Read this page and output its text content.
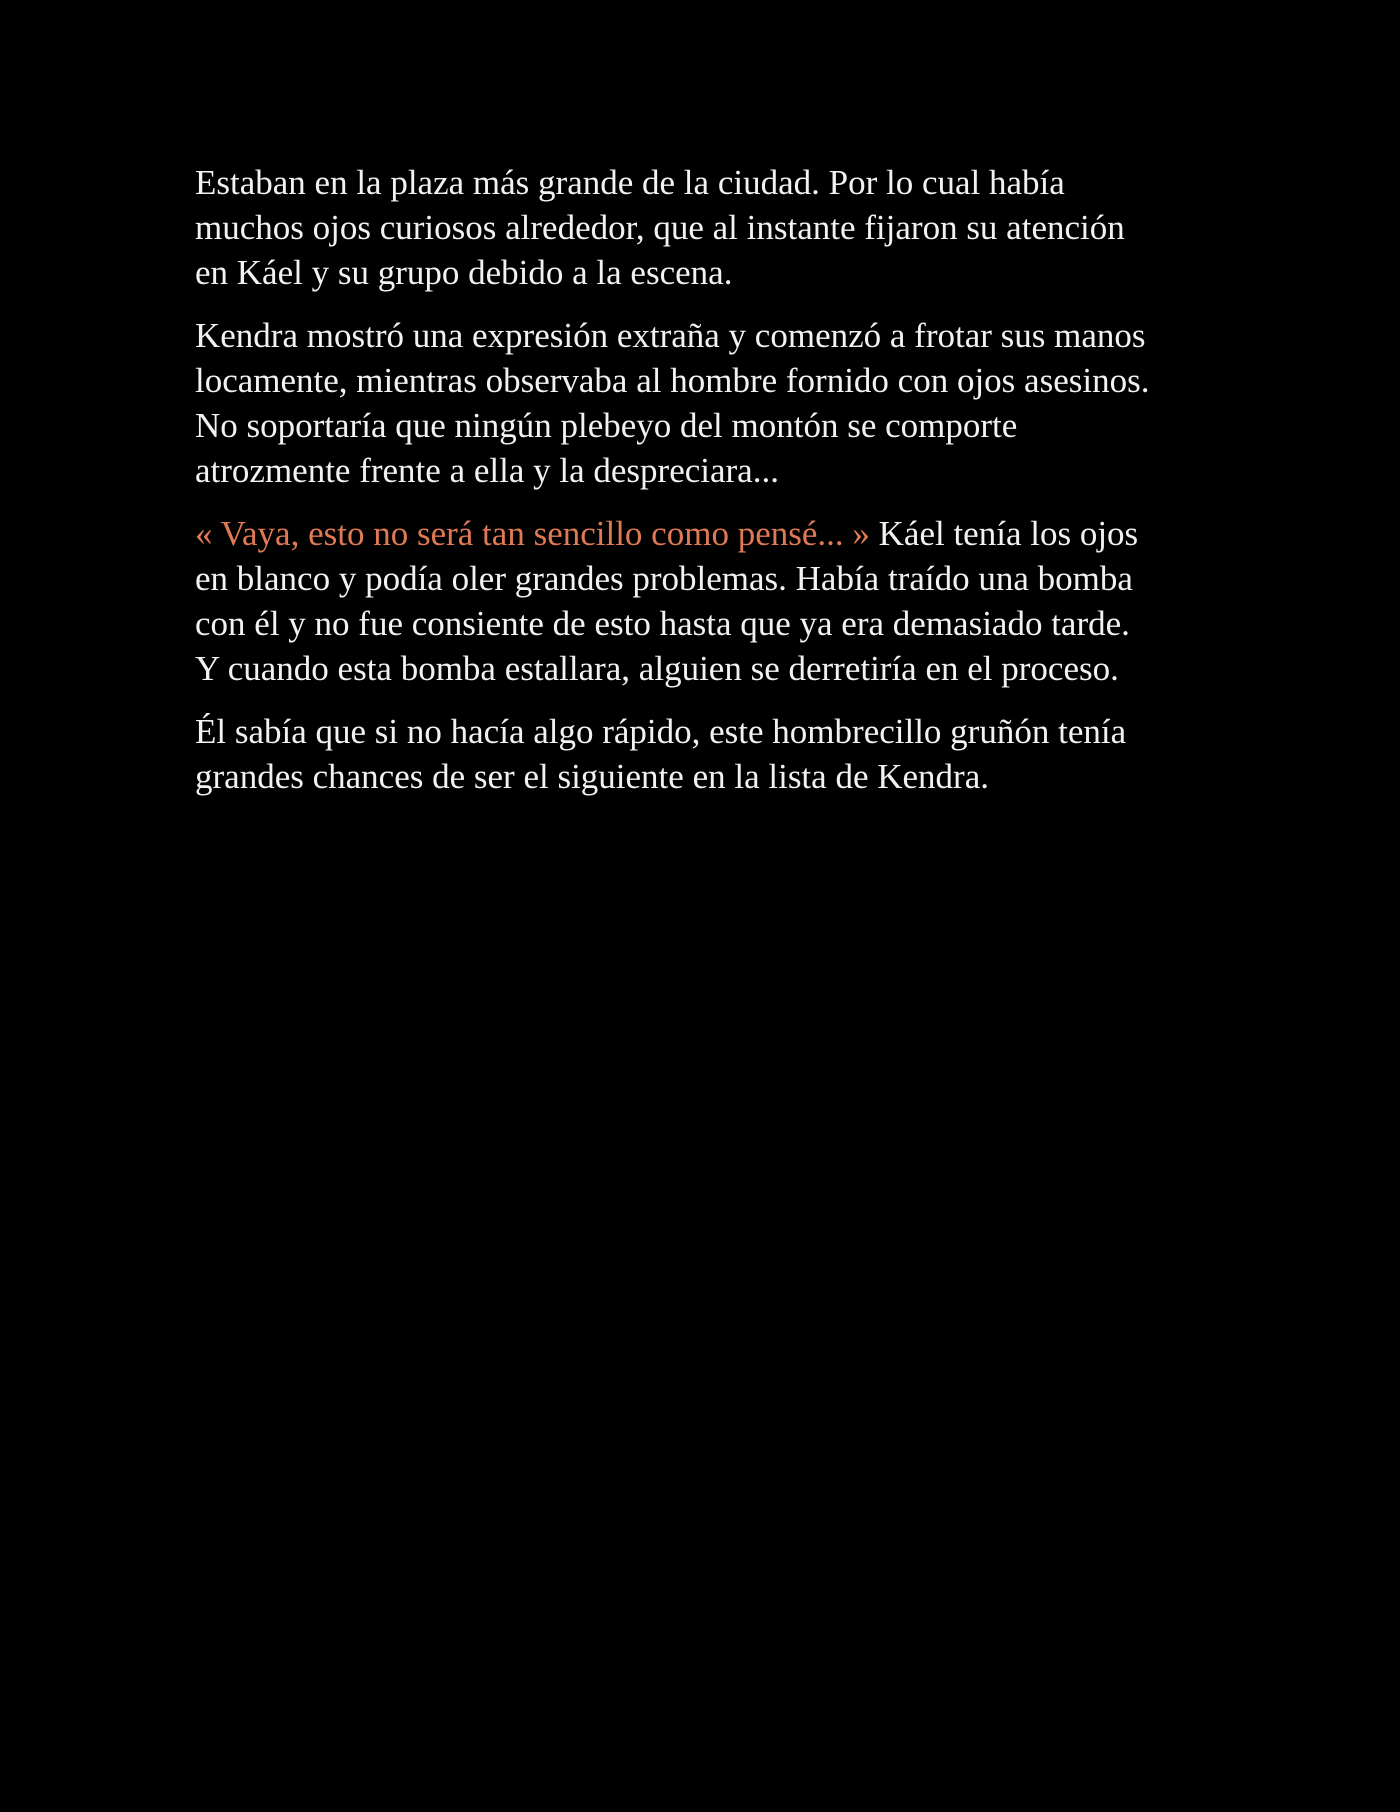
Estaban en la plaza más grande de la ciudad. Por lo cual había
muchos ojos curiosos alrededor, que al instante fijaron su atención
en Káel y su grupo debido a la escena.

Kendra mostró una expresión extraña y comenzó a frotar sus manos
locamente, mientras observaba al hombre fornido con ojos asesinos.
No soportaría que ningún plebeyo del montón se comporte
atrozmente frente a ella y la despreciara...

« Vaya, esto no será tan sencillo como pensé... » Káel tenía los ojos
en blanco y podía oler grandes problemas. Había traído una bomba
con él y no fue consiente de esto hasta que ya era demasiado tarde.
Y cuando esta bomba estallara, alguien se derretiría en el proceso.

Él sabía que si no hacía algo rápido, este hombrecillo gruñón tenía
grandes chances de ser el siguiente en la lista de Kendra.
